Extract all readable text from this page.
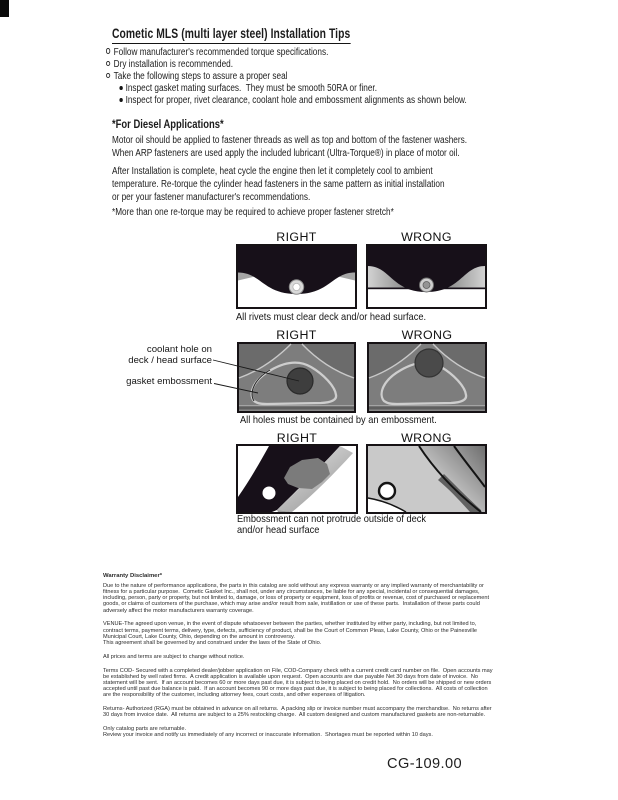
Cometic MLS (multi layer steel) Installation Tips
Follow manufacturer's recommended torque specifications.
Dry installation is recommended.
Take the following steps to assure a proper seal
Inspect gasket mating surfaces.  They must be smooth 50RA or finer.
Inspect for proper, rivet clearance, coolant hole and embossment alignments as shown below.
*For Diesel Applications*
Motor oil should be applied to fastener threads as well as top and bottom of the fastener washers.
When ARP fasteners are used apply the included lubricant (Ultra-Torque®) in place of motor oil.
After Installation is complete, heat cycle the engine then let it completely cool to ambient
temperature. Re-torque the cylinder head fasteners in the same pattern as initial installation
or per your fastener manufacturer's recommendations.
*More than one re-torque may be required to achieve proper fastener stretch*
RIGHT	WRONG
All rivets must clear deck and/or head surface.
RIGHT	WRONG
coolant hole on
deck / head surface
gasket embossment
All holes must be contained by an embossment.
RIGHT	WRONG
Embossment can not protrude outside of deck
and/or head surface
Warranty Disclaimer*
Due to the nature of performance applications, the parts in this catalog are sold without any express warranty or any implied warranty of merchantability or
fitness for a particular purpose.  Cometic Gasket Inc., shall not, under any circumstances, be liable for any special, incidental or consequential damages,
including, person, party or property, but not limited to, damage, or loss of property or equipment, loss of profits or revenue, cost of purchased or replacement
goods, or claims of customers of the purchase, which may arise and/or result from sale, instillation or use of these parts.  Installation of these parts could
adversely affect the motor manufacturers warranty coverage.
VENUE-The agreed upon venue, in the event of dispute whatsoever between the parties, whether instituted by either party, including, but not limited to,
contract terms, payment terms, delivery, type, defects, sufficiency of product, shall be the Court of Common Pleas, Lake County, Ohio or the Painesville
Municipal Court, Lake County, Ohio, depending on the amount in controversy.
This agreement shall be governed by and construed under the laws of the State of Ohio.
All prices and terms are subject to change without notice.
Terms COD- Secured with a completed dealer/jobber application on File, COD-Company check with a current credit card number on file.  Open accounts may
be established by well rated firms.  A credit application is available upon request.  Open accounts are due payable Net 30 days from date of invoice.  No
statement will be sent.  If an account becomes 60 or more days past due, it is subject to being placed on credit hold.  No orders will be shipped or new orders
accepted until past due balance is paid.  If an account becomes 90 or more days past due, it is subject to being placed for collections.  All costs of collection
are the responsibility of the customer, including attorney fees, court costs, and other expenses of litigation.
Returns- Authorized (RGA) must be obtained in advance on all returns.  A packing slip or invoice number must accompany the merchandise.  No returns after
30 days from invoice date.  All returns are subject to a 25% restocking charge.  All custom designed and custom manufactured gaskets are non-returnable.
Only catalog parts are returnable.
Review your invoice and notify us immediately of any incorrect or inaccurate information.  Shortages must be reported within 10 days.
CG-109.00
